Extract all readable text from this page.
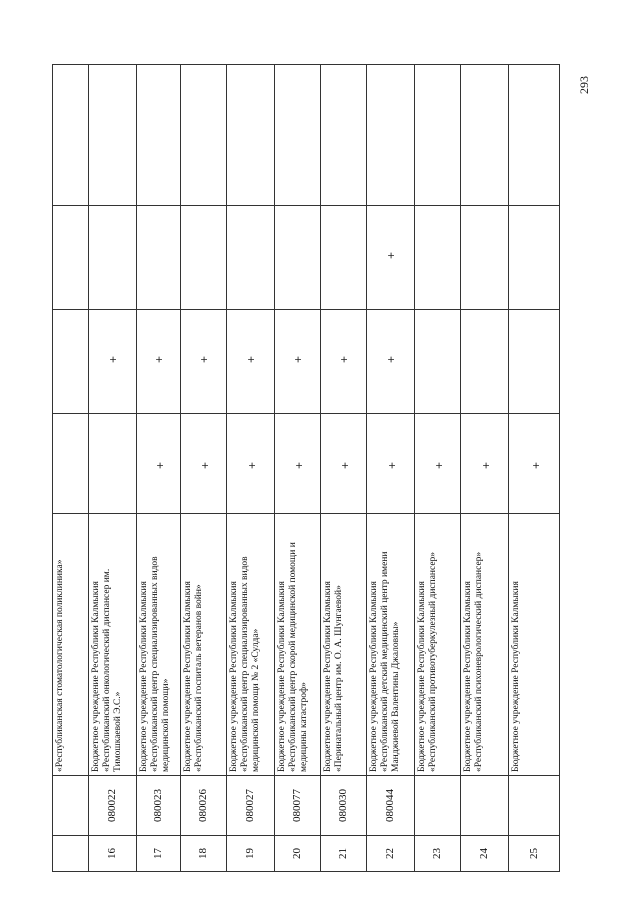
293
«Республиканская стоматологическая поликлиника»
16
080022
Бюджетное учреждение Республики Калмыкия «Республиканский онкологический диспансер им. Тимошкаевой Э.С.»
+
17
080023
Бюджетное учреждение Республики Калмыкия «Республиканский центр специализированных видов медицинской помощи»
+
+
18
080026
Бюджетное учреждение Республики Калмыкия «Республиканский госпиталь ветеранов войн»
+
+
19
080027
Бюджетное учреждение Республики Калмыкия «Республиканский центр специализированных видов медицинской помощи № 2 «Сулда»
+
+
20
080077
Бюджетное учреждение Республики Калмыкия «Республиканский центр скорой медицинской помощи и медицины катастроф»
+
+
21
080030
Бюджетное учреждение Республики Калмыкия «Перинатальный центр им. О. А. Шунгаевой»
+
+
22
080044
Бюджетное учреждение Республики Калмыкия «Республиканский детский медицинский центр имени Манджиевой Валентины Джаловны»
+
+
+
23
Бюджетное учреждение Республики Калмыкия «Республиканский противотуберкулезный диспансер»
+
24
Бюджетное учреждение Республики Калмыкия «Республиканский психоневрологический диспансер»
+
25
Бюджетное учреждение Республики Калмыкия
+
